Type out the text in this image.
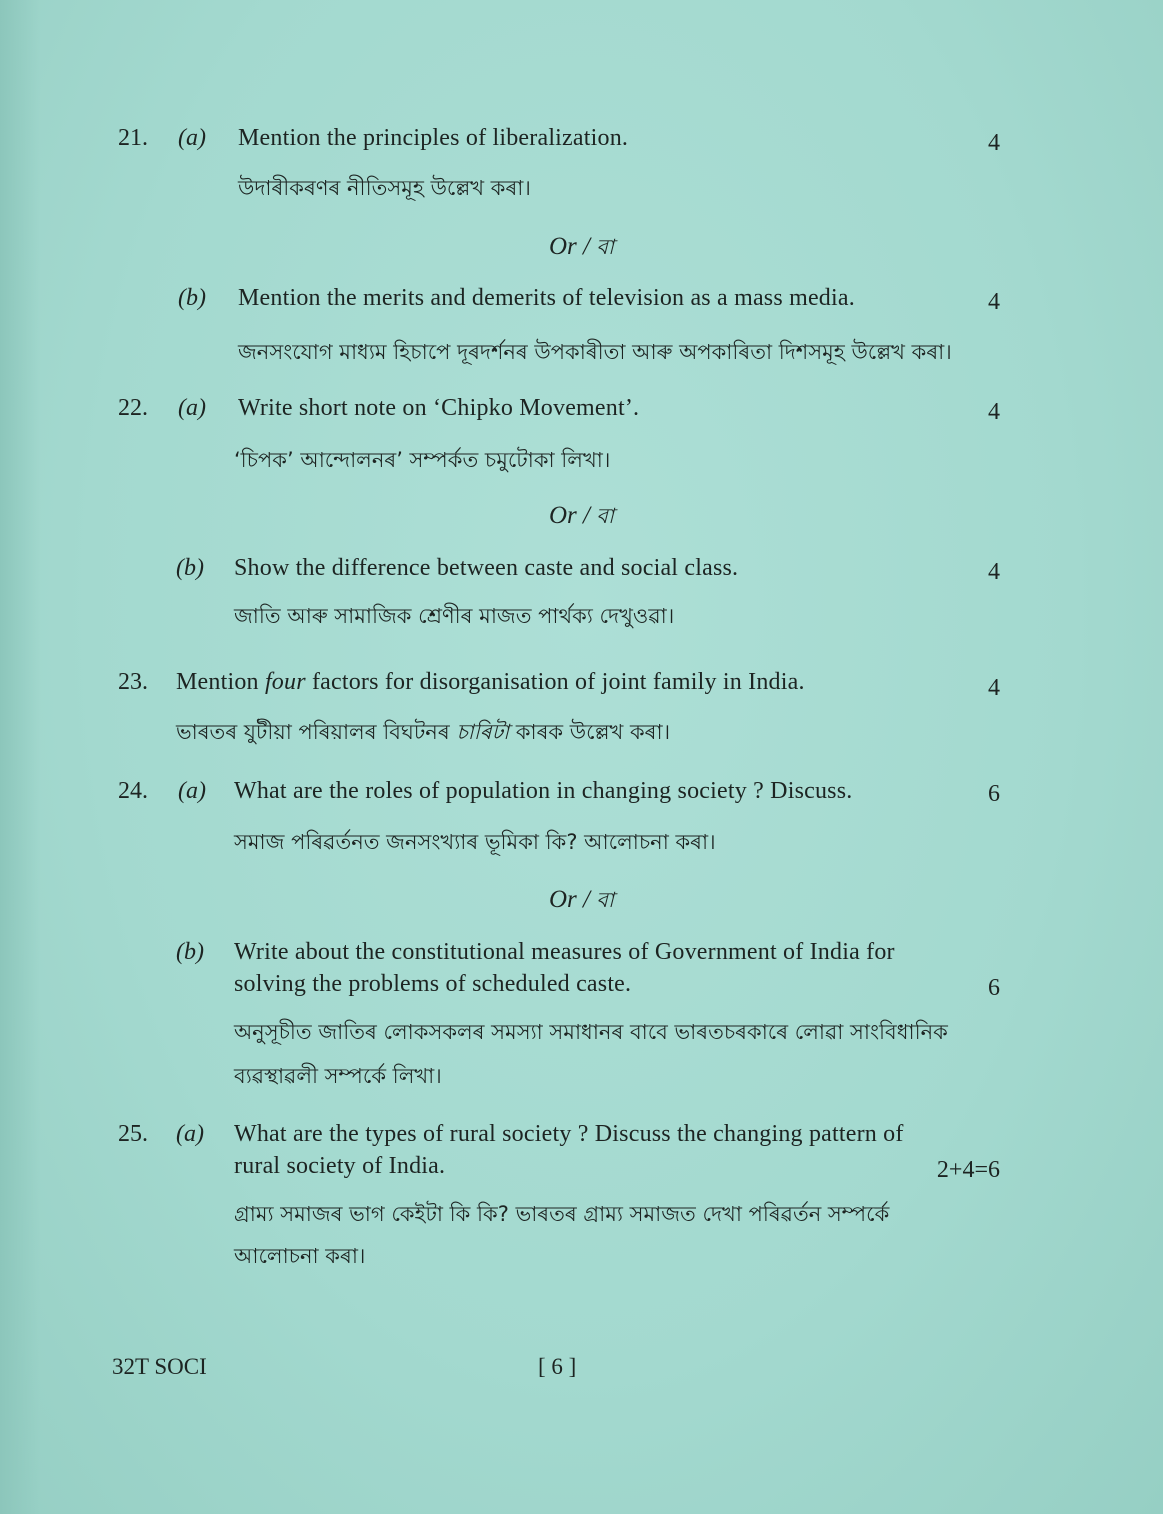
21. (a) Mention the principles of liberalization.	4
উদাৰীকৰণৰ নীতিসমূহ উল্লেখ কৰা।
Or / বা
(b) Mention the merits and demerits of television as a mass media.	4
জনসংযোগ মাধ্যম হিচাপে দূৰদৰ্শনৰ উপকাৰীতা আৰু অপকাৰিতা দিশসমূহ উল্লেখ কৰা।
22. (a) Write short note on ‘Chipko Movement’.	4
‘চিপক’ আন্দোলনৰ’ সম্পৰ্কত চমুটোকা লিখা।
Or / বা
(b) Show the difference between caste and social class.	4
জাতি আৰু সামাজিক শ্ৰেণীৰ মাজত পাৰ্থক্য দেখুওৱা।
23. Mention four factors for disorganisation of joint family in India.	4
ভাৰতৰ যুটীয়া পৰিয়ালৰ বিঘটনৰ চাৰিটা কাৰক উল্লেখ কৰা।
24. (a) What are the roles of population in changing society ? Discuss.	6
সমাজ পৰিৱৰ্তনত জনসংখ্যাৰ ভূমিকা কি? আলোচনা কৰা।
Or / বা
(b) Write about the constitutional measures of Government of India for
solving the problems of scheduled caste.	6
অনুসূচীত জাতিৰ লোকসকলৰ সমস্যা সমাধানৰ বাবে ভাৰতচৰকাৰে লোৱা সাংবিধানিক
ব্যৱস্থাৱলী সম্পৰ্কে লিখা।
25. (a) What are the types of rural society ? Discuss the changing pattern of
rural society of India.	2+4=6
গ্ৰাম্য সমাজৰ ভাগ কেইটা কি কি? ভাৰতৰ গ্ৰাম্য সমাজত দেখা পৰিৱৰ্তন সম্পৰ্কে
আলোচনা কৰা।
32T SOCI	[ 6 ]
